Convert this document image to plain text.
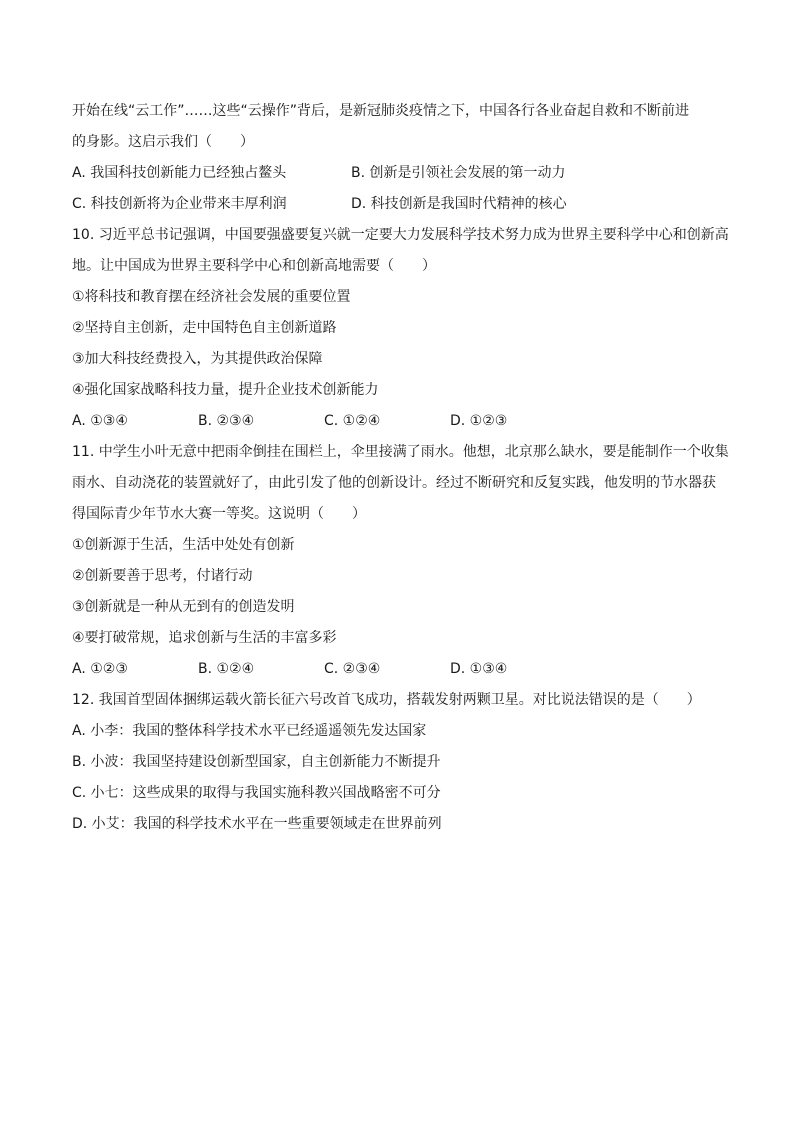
开始在线“云工作”……这些“云操作”背后，是新冠肺炎疫情之下，中国各行各业奋起自救和不断前进
的身影。这启示我们（　　）
A. 我国科技创新能力已经独占鳌头	B. 创新是引领社会发展的第一动力
C. 科技创新将为企业带来丰厚利润	D. 科技创新是我国时代精神的核心
10. 习近平总书记强调，中国要强盛要复兴就一定要大力发展科学技术努力成为世界主要科学中心和创新高
地。让中国成为世界主要科学中心和创新高地需要（　　）
①将科技和教育摆在经济社会发展的重要位置
②坚持自主创新，走中国特色自主创新道路
③加大科技经费投入，为其提供政治保障
④强化国家战略科技力量，提升企业技术创新能力
A. ①③④	B. ②③④	C. ①②④	D. ①②③
11. 中学生小叶无意中把雨伞倒挂在围栏上，伞里接满了雨水。他想，北京那么缺水，要是能制作一个收集
雨水、自动浇花的装置就好了，由此引发了他的创新设计。经过不断研究和反复实践，他发明的节水器获
得国际青少年节水大赛一等奖。这说明（　　）
①创新源于生活，生活中处处有创新
②创新要善于思考，付诸行动
③创新就是一种从无到有的创造发明
④要打破常规，追求创新与生活的丰富多彩
A. ①②③	B. ①②④	C. ②③④	D. ①③④
12. 我国首型固体捆绑运载火箭长征六号改首飞成功，搭载发射两颗卫星。对比说法错误的是（　　）
A. 小李：我国的整体科学技术水平已经遥遥领先发达国家
B. 小波：我国坚持建设创新型国家，自主创新能力不断提升
C. 小七：这些成果的取得与我国实施科教兴国战略密不可分
D. 小艾：我国的科学技术水平在一些重要领域走在世界前列
